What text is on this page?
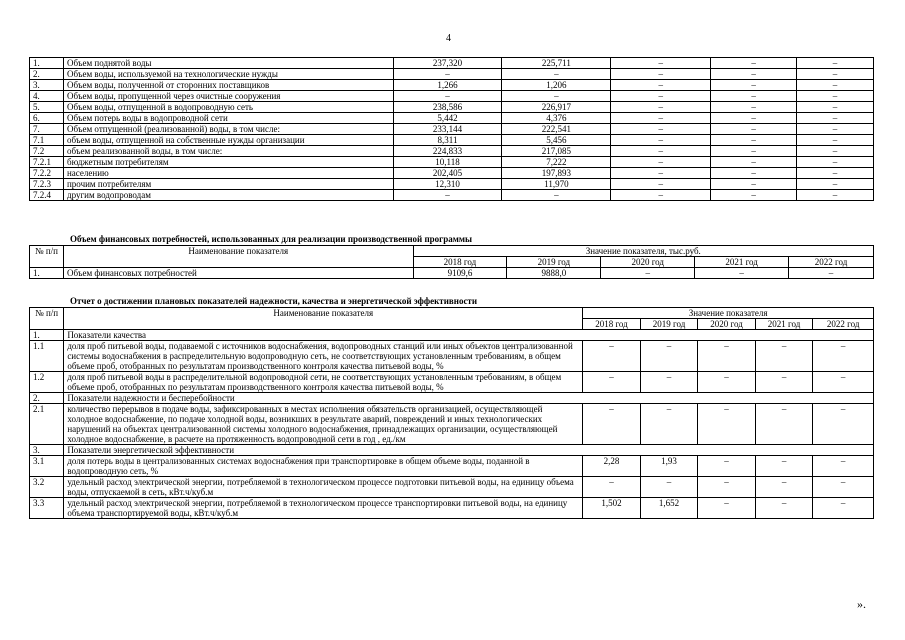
4
1.	Объем поднятой воды	237,320	225,711	–	–	–
2.	Объем воды, используемой на технологические нужды	–	–	–	–	–
3.	Объем воды, полученной от сторонних поставщиков	1,266	1,206	–	–	–
4.	Объем воды, пропущенной через очистные сооружения	–	–	–	–	–
5.	Объем воды, отпущенной в водопроводную сеть	238,586	226,917	–	–	–
6.	Объем потерь воды в водопроводной сети	5,442	4,376	–	–	–
7.	Объем отпущенной (реализованной) воды, в том числе:	233,144	222,541	–	–	–
7.1	объем воды, отпущенной на собственные нужды организации	8,311	5,456	–	–	–
7.2	объем реализованной воды, в том числе:	224,833	217,085	–	–	–
7.2.1	бюджетным потребителям	10,118	7,222	–	–	–
7.2.2	населению	202,405	197,893	–	–	–
7.2.3	прочим потребителям	12,310	11,970	–	–	–
7.2.4	другим водопроводам	–	–	–	–	–
Объем финансовых потребностей, использованных для реализации производственной программы
№ п/п	Наименование показателя	Значение показателя, тыс.руб.				
		2018 год	2019 год	2020 год	2021 год	2022 год
1.	Объем финансовых потребностей	9109,6	9888,0	–	–	–
Отчет о достижении плановых показателей надежности, качества и энергетической эффективности
№ п/п	Наименование показателя	Значение показателя				
		2018 год	2019 год	2020 год	2021 год	2022 год
1.	Показатели качества					
1.1	доля проб питьевой воды, подаваемой с источников водоснабжения, водопроводных станций или иных объектов централизованной системы водоснабжения в распределительную водопроводную сеть, не соответствующих установленным требованиям, в общем объеме проб, отобранных по результатам производственного контроля качества питьевой воды, %	–	–	–	–	–
1.2	доля проб питьевой воды в распределительной водопроводной сети, не соответствующих установленным требованиям, в общем объеме проб, отобранных по результатам производственного контроля качества питьевой воды, %	–	–	–	–	–
2.	Показатели надежности и бесперебойности					
2.1	количество перерывов в подаче воды, зафиксированных в местах исполнения обязательств организацией, осуществляющей холодное водоснабжение, по подаче холодной воды, возникших в результате аварий, повреждений и иных технологических нарушений на объектах централизованной системы холодного водоснабжения, принадлежащих организации, осуществляющей холодное водоснабжение, в расчете на протяженность водопроводной сети в год , ед./км	–	–	–	–	–
3.	Показатели энергетической эффективности					
3.1	доля потерь воды в централизованных системах водоснабжения при транспортировке в общем объеме воды, поданной в водопроводную сеть, %	2,28	1,93	–	–	–
3.2	удельный расход электрической энергии, потребляемой в технологическом процессе подготовки питьевой воды, на единицу объема воды, отпускаемой в сеть, кВт.ч/куб.м	–	–	–	–	–
3.3	удельный расход электрической энергии, потребляемой в технологическом процессе транспортировки питьевой воды, на единицу объема транспортируемой воды, кВт.ч/куб.м	1,502	1,652	–	–	–
».
